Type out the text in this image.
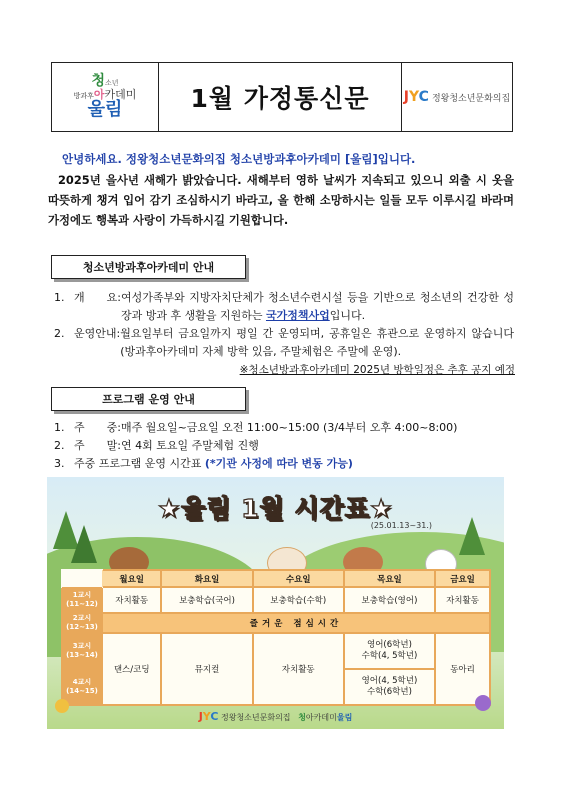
청소년
방과후아카데미
울림	1월 가정통신문	JYC 정왕청소년문화의집
안녕하세요. 정왕청소년문화의집 청소년방과후아카데미 [울림]입니다.
2025년 을사년 새해가 밝았습니다. 새해부터 영하 날씨가 지속되고 있으니 외출 시 옷을 따뜻하게 챙겨 입어 감기 조심하시기 바라고, 올 한해 소망하시는 일들 모두 이루시길 바라며 가정에도 행복과 사랑이 가득하시길 기원합니다.
청소년방과후아카데미 안내
1. 개　　요: 여성가족부와 지방자치단체가 청소년수련시설 등을 기반으로 청소년의 건강한 성장과 방과 후 생활을 지원하는 국가정책사업입니다.
2. 운영안내: 월요일부터 금요일까지 평일 간 운영되며, 공휴일은 휴관으로 운영하지 않습니다(방과후아카데미 자체 방학 있음, 주말체험은 주말에 운영).
※청소년방과후아카데미 2025년 방학일정은 추후 공지 예정
프로그램 운영 안내
1. 주　　중: 매주 월요일~금요일 오전 11:00~15:00 (3/4부터 오후 4:00~8:00)
2. 주　　말: 연 4회 토요일 주말체험 진행
3. 주중 프로그램 운영 시간표 (*기관 사정에 따라 변동 가능)
★울림 1월 시간표★
(25.01.13~31.)
	월요일	화요일	수요일	목요일	금요일
1교시
(11~12)	자치활동	보충학습(국어)	보충학습(수학)	보충학습(영어)	자치활동
2교시
(12~13)	즐거운 점심시간				
3교시
(13~14)	댄스/코딩	뮤지컬	자치활동	영어(6학년)
수학(4, 5학년)	동아리
4교시
(14~15)				영어(4, 5학년)
수학(6학년)	
JYC 정왕청소년문화의집 청아카데미울림
